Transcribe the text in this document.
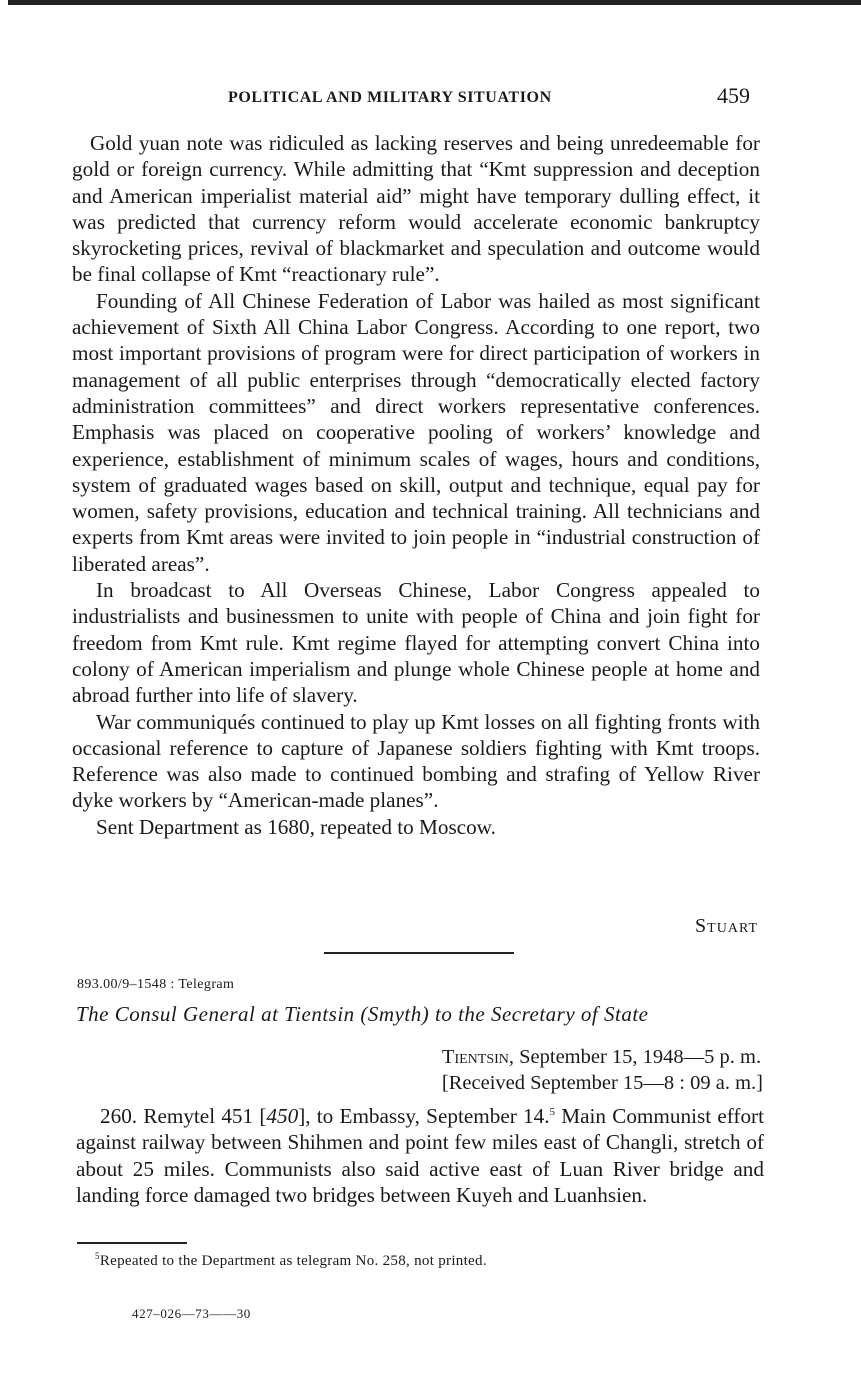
POLITICAL AND MILITARY SITUATION	459

Gold yuan note was ridiculed as lacking reserves and being unredeemable for gold or foreign currency. While admitting that “Kmt suppression and deception and American imperialist material aid” might have temporary dulling effect, it was predicted that currency reform would accelerate economic bankruptcy skyrocketing prices, revival of blackmarket and speculation and outcome would be final collapse of Kmt “reactionary rule”.

Founding of All Chinese Federation of Labor was hailed as most significant achievement of Sixth All China Labor Congress. According to one report, two most important provisions of program were for direct participation of workers in management of all public enterprises through “democratically elected factory administration committees” and direct workers representative conferences. Emphasis was placed on cooperative pooling of workers’ knowledge and experience, establishment of minimum scales of wages, hours and conditions, system of graduated wages based on skill, output and technique, equal pay for women, safety provisions, education and technical training. All technicians and experts from Kmt areas were invited to join people in “industrial construction of liberated areas”.

In broadcast to All Overseas Chinese, Labor Congress appealed to industrialists and businessmen to unite with people of China and join fight for freedom from Kmt rule. Kmt regime flayed for attempting convert China into colony of American imperialism and plunge whole Chinese people at home and abroad further into life of slavery.

War communiqués continued to play up Kmt losses on all fighting fronts with occasional reference to capture of Japanese soldiers fighting with Kmt troops. Reference was also made to continued bombing and strafing of Yellow River dyke workers by “American-made planes”.

Sent Department as 1680, repeated to Moscow.

Stuart
893.00/9–1548 : Telegram
The Consul General at Tientsin (Smyth) to the Secretary of State
Tientsin, September 15, 1948—5 p. m.
[Received September 15—8 : 09 a. m.]

260. Remytel 451 [450], to Embassy, September 14.$^5$ Main Communist effort against railway between Shihmen and point few miles east of Changli, stretch of about 25 miles. Communists also said active east of Luan River bridge and landing force damaged two bridges between Kuyeh and Luanhsien.

$^5$Repeated to the Department as telegram No. 258, not printed.
427–026—73——30
